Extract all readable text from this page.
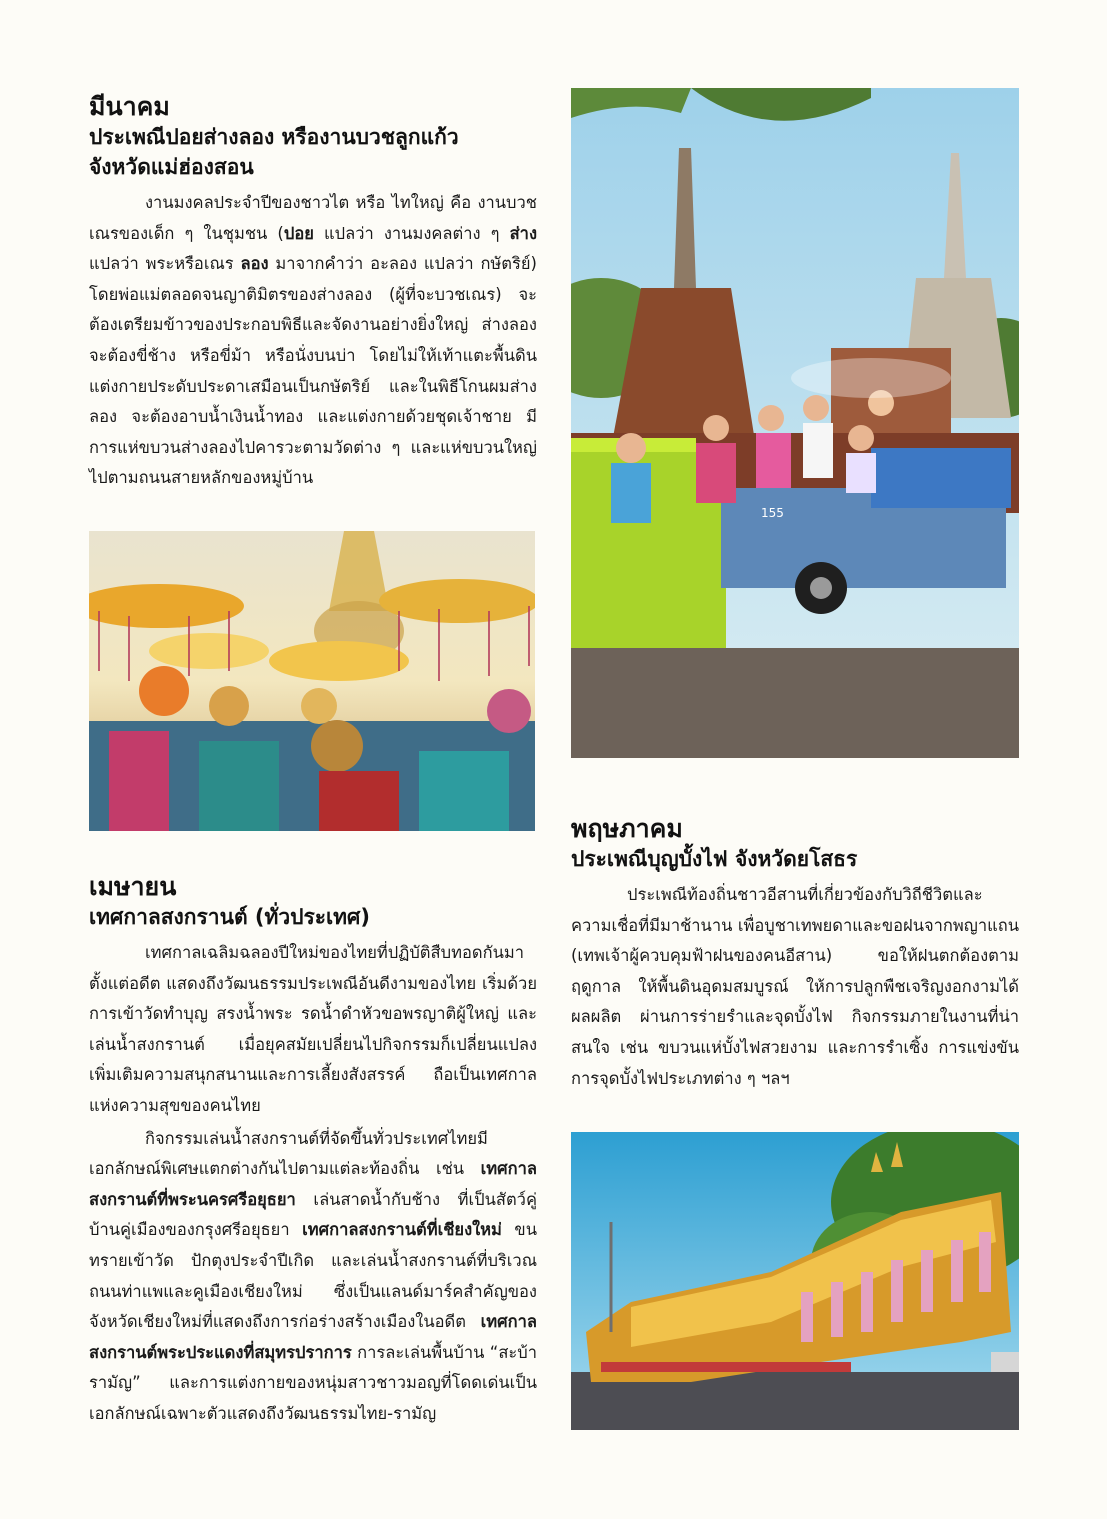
มีนาคม
ประเพณีปอยส่างลอง หรืองานบวชลูกแก้ว
จังหวัดแม่ฮ่องสอน

งานมงคลประจำปีของชาวไต หรือ ไทใหญ่ คือ งานบวชเณรของเด็ก ๆ ในชุมชน (ปอย แปลว่า งานมงคลต่าง ๆ ส่าง แปลว่า พระหรือเณร ลอง มาจากคำว่า อะลอง แปลว่า กษัตริย์) โดยพ่อแม่ตลอดจนญาติมิตรของส่างลอง (ผู้ที่จะบวชเณร) จะต้องเตรียมข้าวของประกอบพิธีและจัดงานอย่างยิ่งใหญ่ ส่างลองจะต้องขี่ช้าง หรือขี่ม้า หรือนั่งบนบ่า โดยไม่ให้เท้าแตะพื้นดิน แต่งกายประดับประดาเสมือนเป็นกษัตริย์ และในพิธีโกนผมส่างลอง จะต้องอาบน้ำเงินน้ำทอง และแต่งกายด้วยชุดเจ้าชาย มีการแห่ขบวนส่างลองไปคารวะตามวัดต่าง ๆ และแห่ขบวนใหญ่ไปตามถนนสายหลักของหมู่บ้าน

เมษายน
เทศกาลสงกรานต์ (ทั่วประเทศ)

เทศกาลเฉลิมฉลองปีใหม่ของไทยที่ปฏิบัติสืบทอดกันมาตั้งแต่อดีต แสดงถึงวัฒนธรรมประเพณีอันดีงามของไทย เริ่มด้วยการเข้าวัดทำบุญ สรงน้ำพระ รดน้ำดำหัวขอพรญาติผู้ใหญ่ และเล่นน้ำสงกรานต์ เมื่อยุคสมัยเปลี่ยนไปกิจกรรมก็เปลี่ยนแปลง เพิ่มเติมความสนุกสนานและการเลี้ยงสังสรรค์ ถือเป็นเทศกาลแห่งความสุขของคนไทย

กิจกรรมเล่นน้ำสงกรานต์ที่จัดขึ้นทั่วประเทศไทยมีเอกลักษณ์พิเศษแตกต่างกันไปตามแต่ละท้องถิ่น เช่น เทศกาลสงกรานต์ที่พระนครศรีอยุธยา เล่นสาดน้ำกับช้าง ที่เป็นสัตว์คู่บ้านคู่เมืองของกรุงศรีอยุธยา เทศกาลสงกรานต์ที่เชียงใหม่ ขนทรายเข้าวัด ปักตุงประจำปีเกิด และเล่นน้ำสงกรานต์ที่บริเวณถนนท่าแพและคูเมืองเชียงใหม่ ซึ่งเป็นแลนด์มาร์คสำคัญของจังหวัดเชียงใหม่ที่แสดงถึงการก่อร่างสร้างเมืองในอดีต เทศกาลสงกรานต์พระประแดงที่สมุทรปราการ การละเล่นพื้นบ้าน “สะบ้ารามัญ” และการแต่งกายของหนุ่มสาวชาวมอญที่โดดเด่นเป็นเอกลักษณ์เฉพาะตัวแสดงถึงวัฒนธรรมไทย-รามัญ

155
พฤษภาคม
ประเพณีบุญบั้งไฟ จังหวัดยโสธร

ประเพณีท้องถิ่นชาวอีสานที่เกี่ยวข้องกับวิถีชีวิตและความเชื่อที่มีมาช้านาน เพื่อบูชาเทพยดาและขอฝนจากพญาแถน (เทพเจ้าผู้ควบคุมฟ้าฝนของคนอีสาน) ขอให้ฝนตกต้องตามฤดูกาล ให้พื้นดินอุดมสมบูรณ์ ให้การปลูกพืชเจริญงอกงามได้ผลผลิต ผ่านการร่ายรำและจุดบั้งไฟ กิจกรรมภายในงานที่น่าสนใจ เช่น ขบวนแห่บั้งไฟสวยงาม และการรำเซิ้ง การแข่งขันการจุดบั้งไฟประเภทต่าง ๆ ฯลฯ
